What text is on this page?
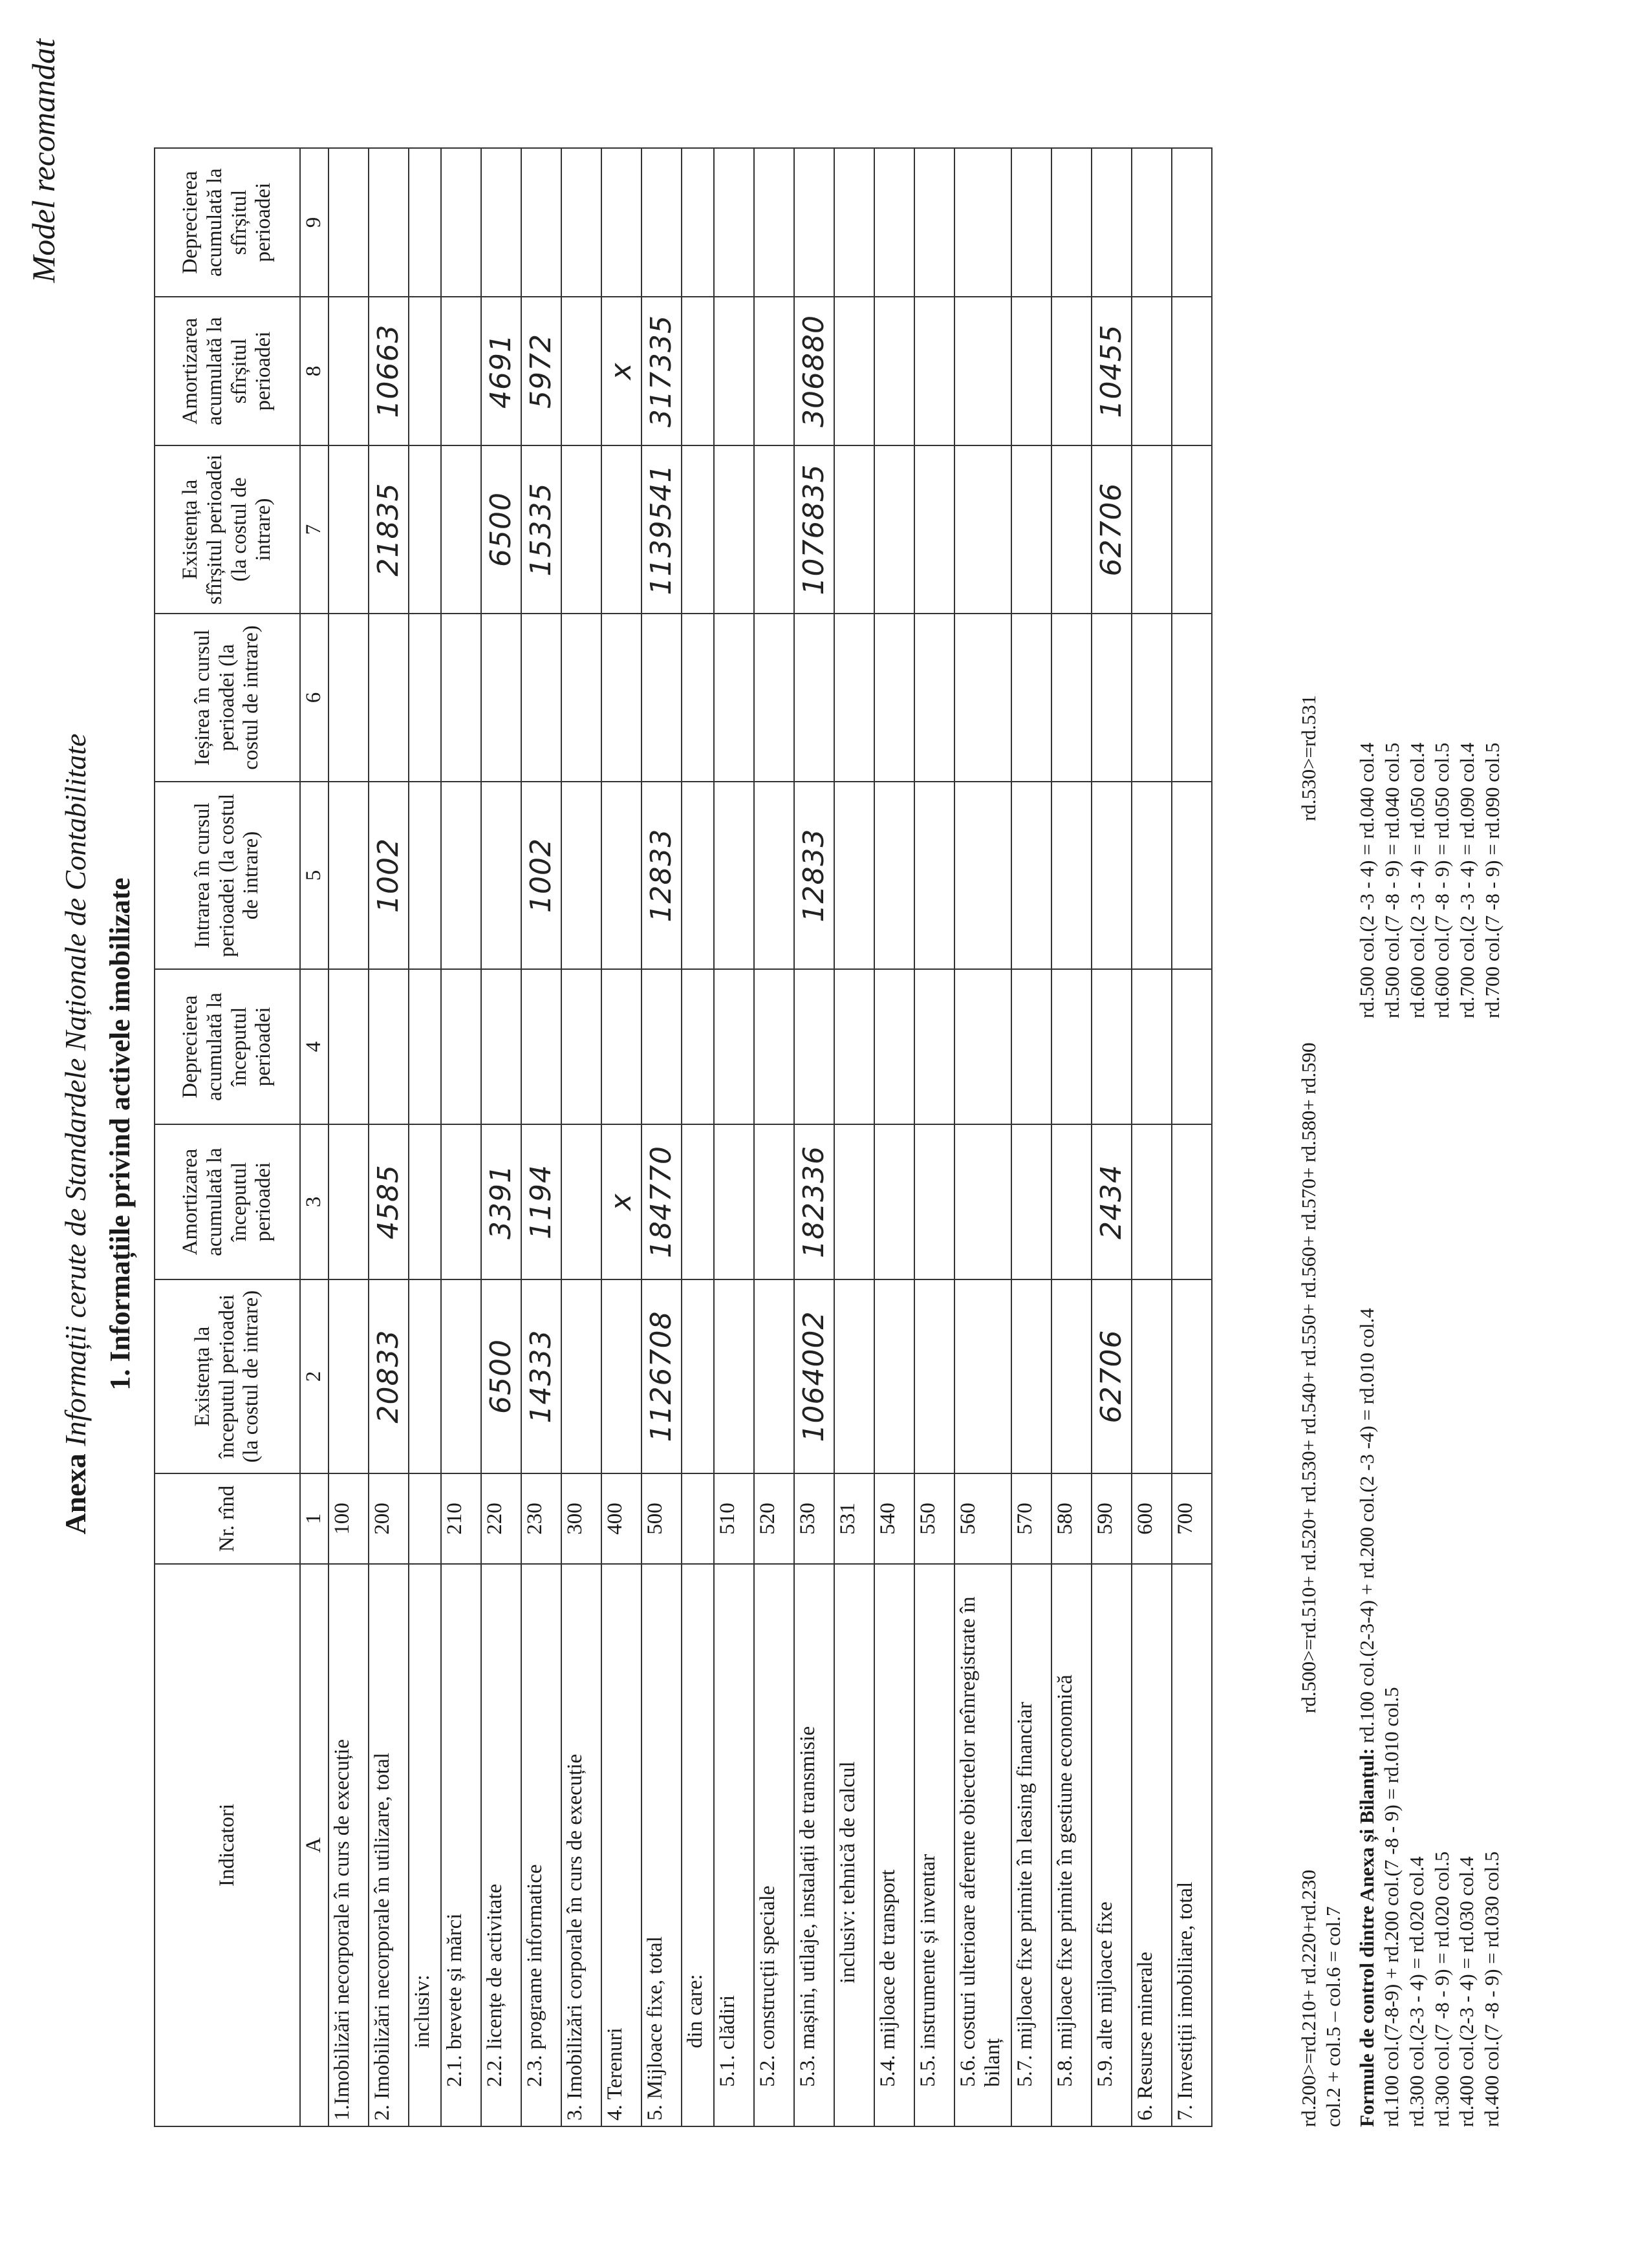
Model recomandat
Anexa Informații cerute de Standardele Naționale de Contabilitate 1. Informațiile privind activele imobilizate
Indicatori	Nr. rînd	Existența la începutul perioadei (la costul de intrare)	Amortizarea acumulată la începutul perioadei	Deprecierea acumulată la începutul perioadei	Intrarea în cursul perioadei (la costul de intrare)	Ieșirea în cursul perioadei (la costul de intrare)	Existența la sfîrșitul perioadei (la costul de intrare)	Amortizarea acumulată la sfîrșitul perioadei	Deprecierea acumulată la sfîrșitul perioadei
A	1	2	3	4	5	6	7	8	9
1.Imobilizări necorporale în curs de execuție	100								
2. Imobilizări necorporale în utilizare, total	200	20833	4585		1002		21835	10663	
inclusiv:									
2.1. brevete și mărci	210								
2.2. licențe de activitate	220	6500	3391				6500	4691	
2.3. programe informatice	230	14333	1194		1002		15335	5972	
3. Imobilizări corporale în curs de execuție	300								
4. Terenuri	400		x					x	
5. Mijloace fixe, total	500	1126708	184770		12833		1139541	317335	
din care:									
5.1. clădiri	510								
5.2. construcții speciale	520								
5.3. mașini, utilaje, instalații de transmisie	530	1064002	182336		12833		1076835	306880	
inclusiv: tehnică de calcul	531								
5.4. mijloace de transport	540								
5.5. instrumente și inventar	550								
5.6. costuri ulterioare aferente obiectelor neînregistrate în bilanț	560								
5.7. mijloace fixe primite în leasing financiar	570								
5.8. mijloace fixe primite în gestiune economică	580								
5.9. alte mijloace fixe	590	62706	2434				62706	10455	
6. Resurse minerale	600								
7. Investiții imobiliare, total	700								
rd.200>=rd.210+ rd.220+rd.230
rd.500>=rd.510+ rd.520+ rd.530+ rd.540+ rd.550+ rd.560+ rd.570+ rd.580+ rd.590
rd.530>=rd.531
col.2 + col.5 – col.6 = col.7 Formule de control dintre Anexa și Bilanțul: rd.100 col.(2-3-4) + rd.200 col.(2 -3 -4) = rd.010 col.4
rd.100 col.(7-8-9) + rd.200 col.(7 -8 - 9) = rd.010 col.5 rd.300 col.(2-3 - 4) = rd.020 col.4 rd.300 col.(7 -8 - 9) = rd.020 col.5 rd.400 col.(2-3 - 4) = rd.030 col.4 rd.400 col.(7 -8 - 9) = rd.030 col.5
rd.500 col.(2 -3 - 4) = rd.040 col.4 rd.500 col.(7 -8 - 9) = rd.040 col.5 rd.600 col.(2 -3 - 4) = rd.050 col.4 rd.600 col.(7 -8 - 9) = rd.050 col.5 rd.700 col.(2 -3 - 4) = rd.090 col.4 rd.700 col.(7 -8 - 9) = rd.090 col.5
